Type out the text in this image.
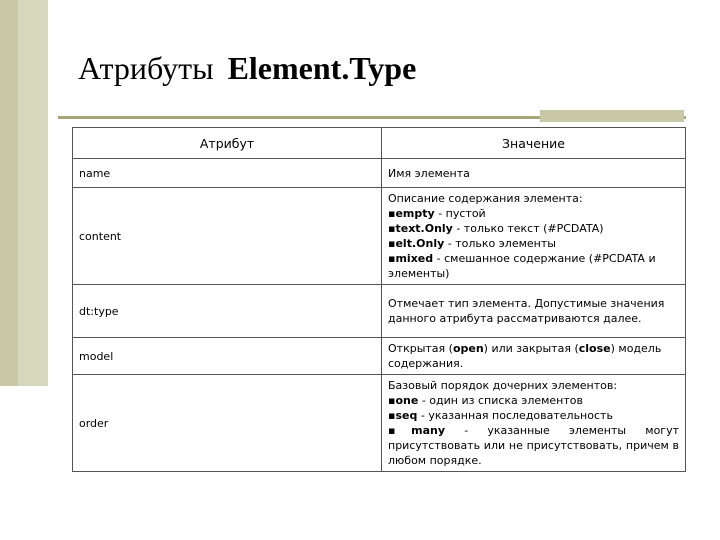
Атрибуты Element.Type
Атрибут	Значение
name	Имя элемента
content	Описание содержания элемента:
▪empty - пустой
▪text.Only - только текст (#PCDATA)
▪elt.Only - только элементы
▪mixed - смешанное содержание (#PCDATA и элементы)

dt:type	Отмечает тип элемента. Допустимые значения данного атрибута рассматриваются далее.
model	Открытая (open) или закрытая (close) модель содержания.
order	Базовый порядок дочерних элементов:
▪one - один из списка элементов
▪seq - указанная последовательность
▪many - указанные элементы могут присутствовать или не присутствовать, причем в любом порядке.
